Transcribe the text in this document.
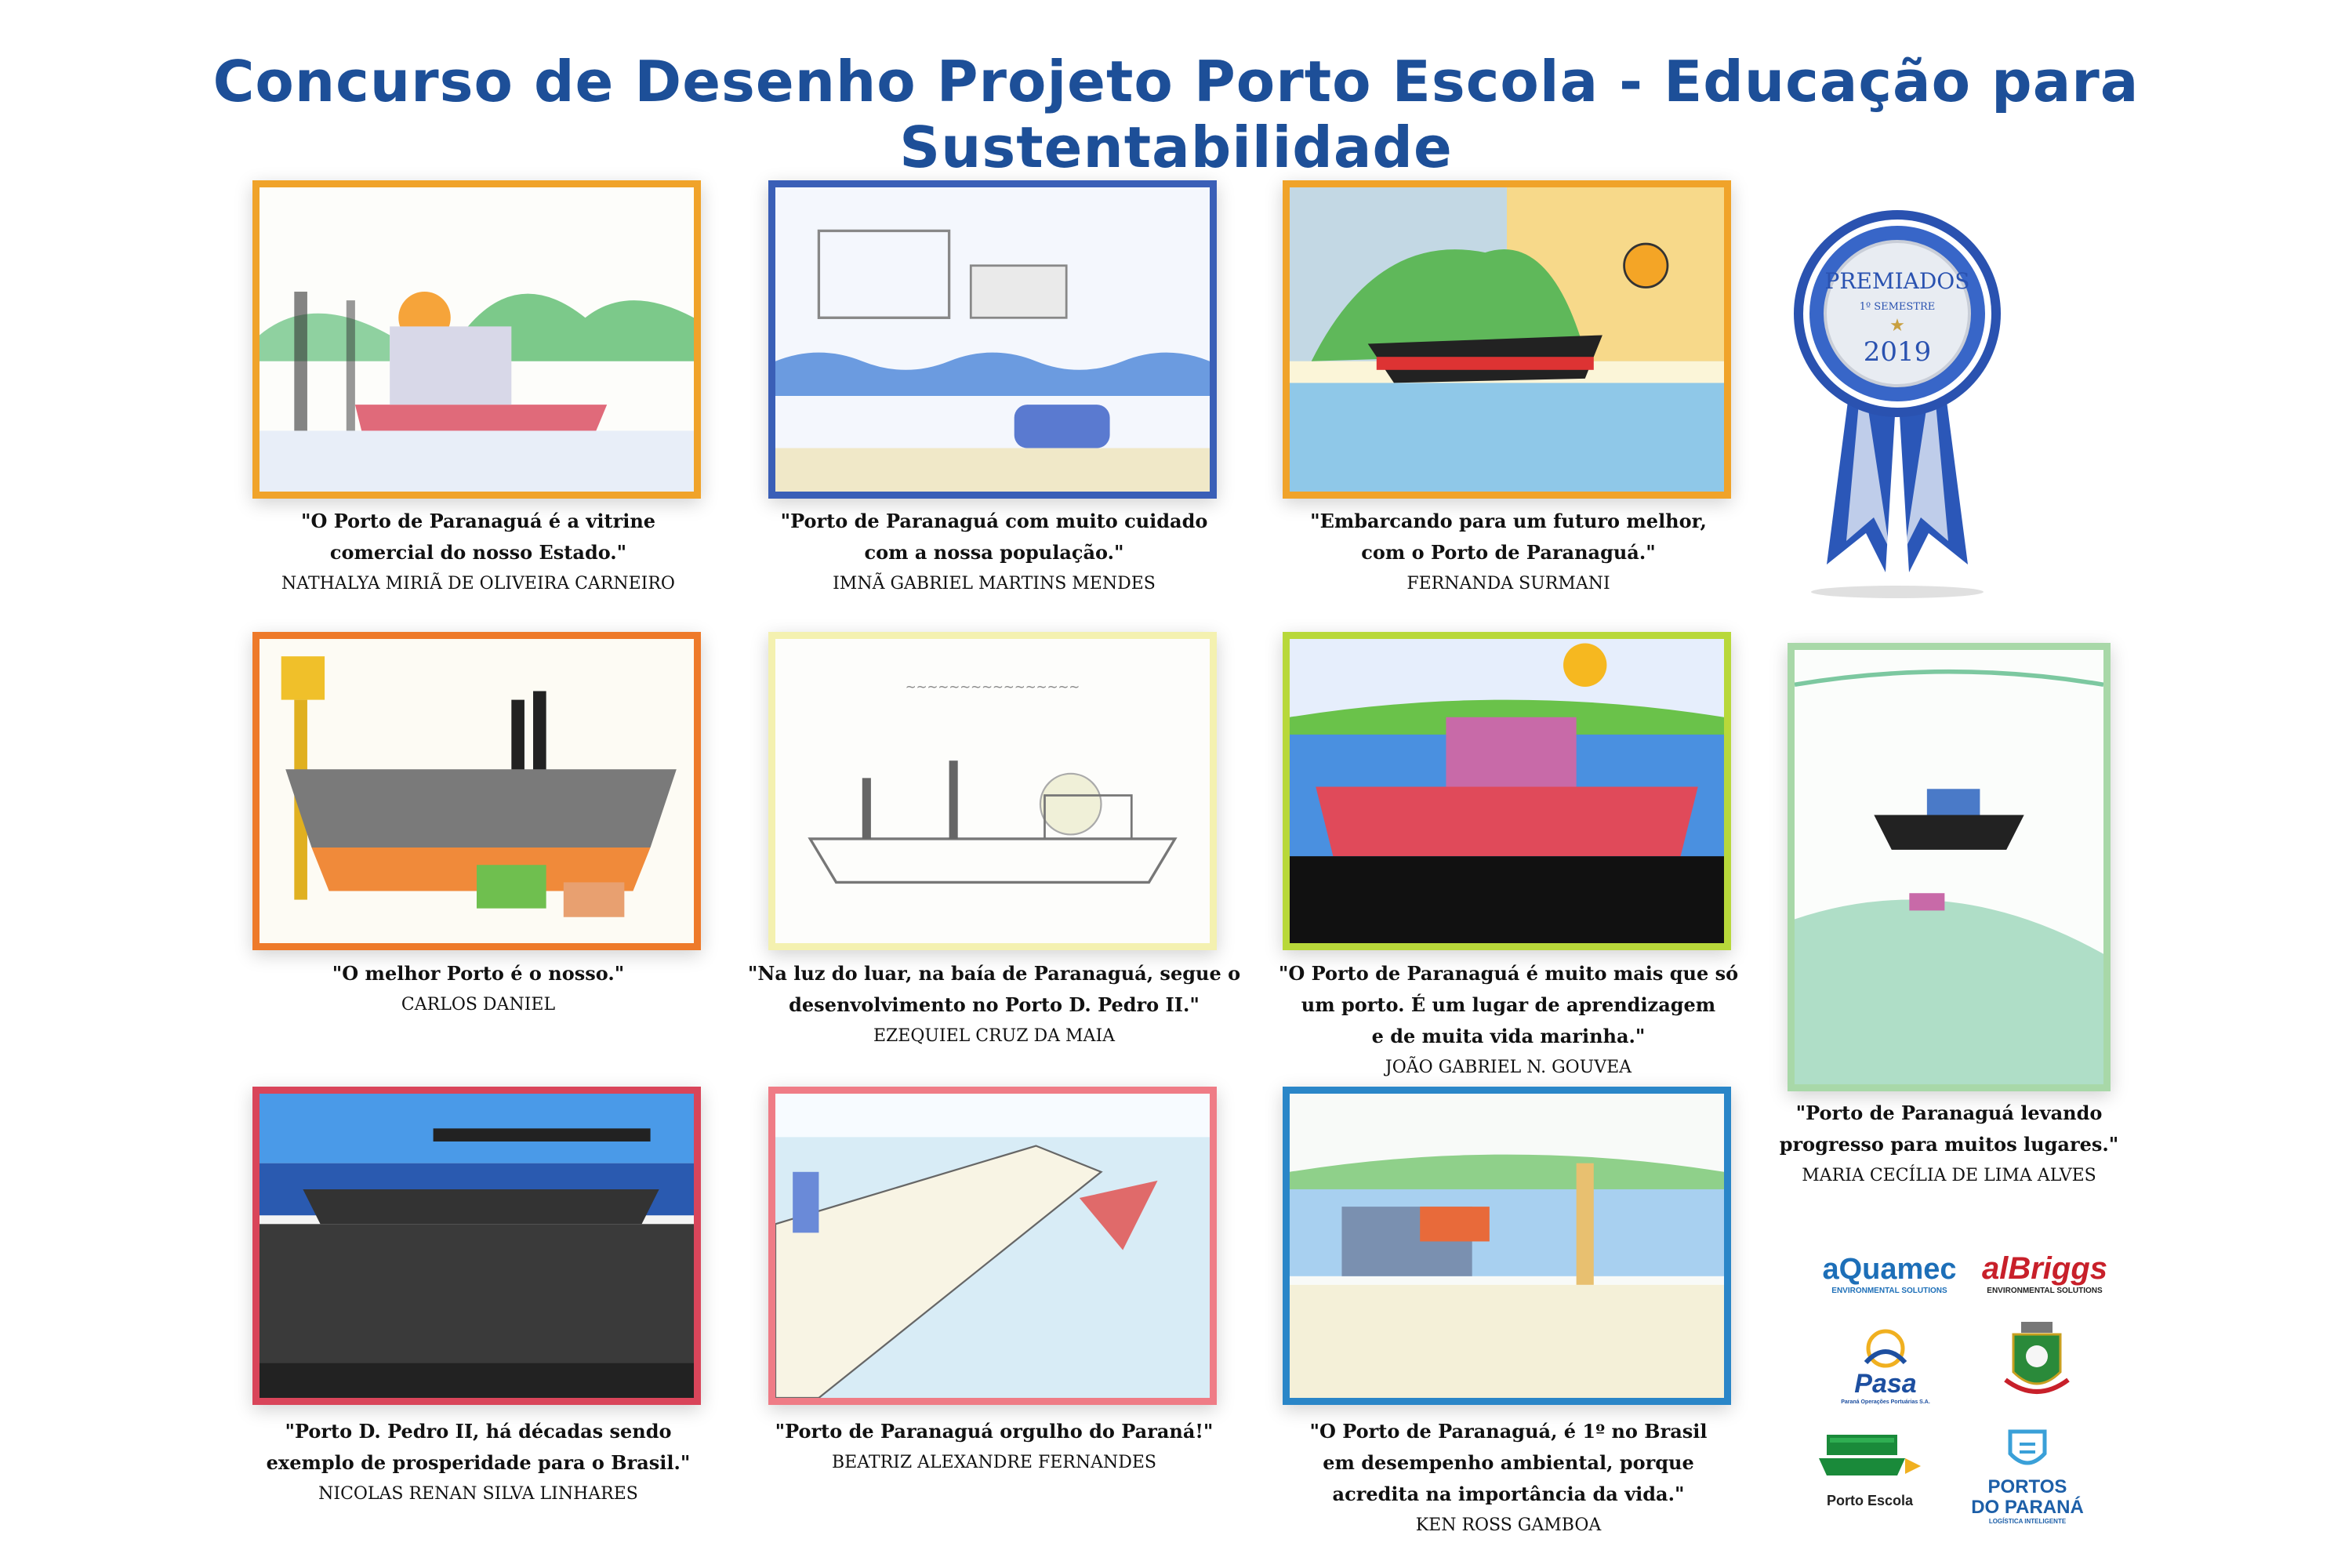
Concurso de Desenho Projeto Porto Escola - Educação para Sustentabilidade
PREMIADOS
1º SEMESTRE
★
2019
"O Porto de Paranaguá é a vitrine
comercial do nosso Estado."
NATHALYA MIRIÃ DE OLIVEIRA CARNEIRO
"Porto de Paranaguá com muito cuidado
com a nossa população."
IMNÃ GABRIEL MARTINS MENDES
"Embarcando para um futuro melhor,
com o Porto de Paranaguá."
FERNANDA SURMANI
~~~~~~~~~~~~~~~~
"O melhor Porto é o nosso."
CARLOS DANIEL
"Na luz do luar, na baía de Paranaguá, segue o
desenvolvimento no Porto D. Pedro II."
EZEQUIEL CRUZ DA MAIA
"O Porto de Paranaguá é muito mais que só
um porto. É um lugar de aprendizagem
e de muita vida marinha."
JOÃO GABRIEL N. GOUVEA
"Porto de Paranaguá levando
progresso para muitos lugares."
MARIA CECÍLIA DE LIMA ALVES
"Porto D. Pedro II, há décadas sendo
exemplo de prosperidade para o Brasil."
NICOLAS RENAN SILVA LINHARES
"Porto de Paranaguá orgulho do Paraná!"
BEATRIZ ALEXANDRE FERNANDES
"O Porto de Paranaguá, é 1º no Brasil
em desempenho ambiental, porque
acredita na importância da vida."
KEN ROSS GAMBOA
aQuamec
ENVIRONMENTAL SOLUTIONS
alBriggs
ENVIRONMENTAL SOLUTIONS
Pasa
Paraná Operações Portuárias S.A.
Porto Escola
PORTOS
DO PARANÁ
LOGÍSTICA INTELIGENTE
